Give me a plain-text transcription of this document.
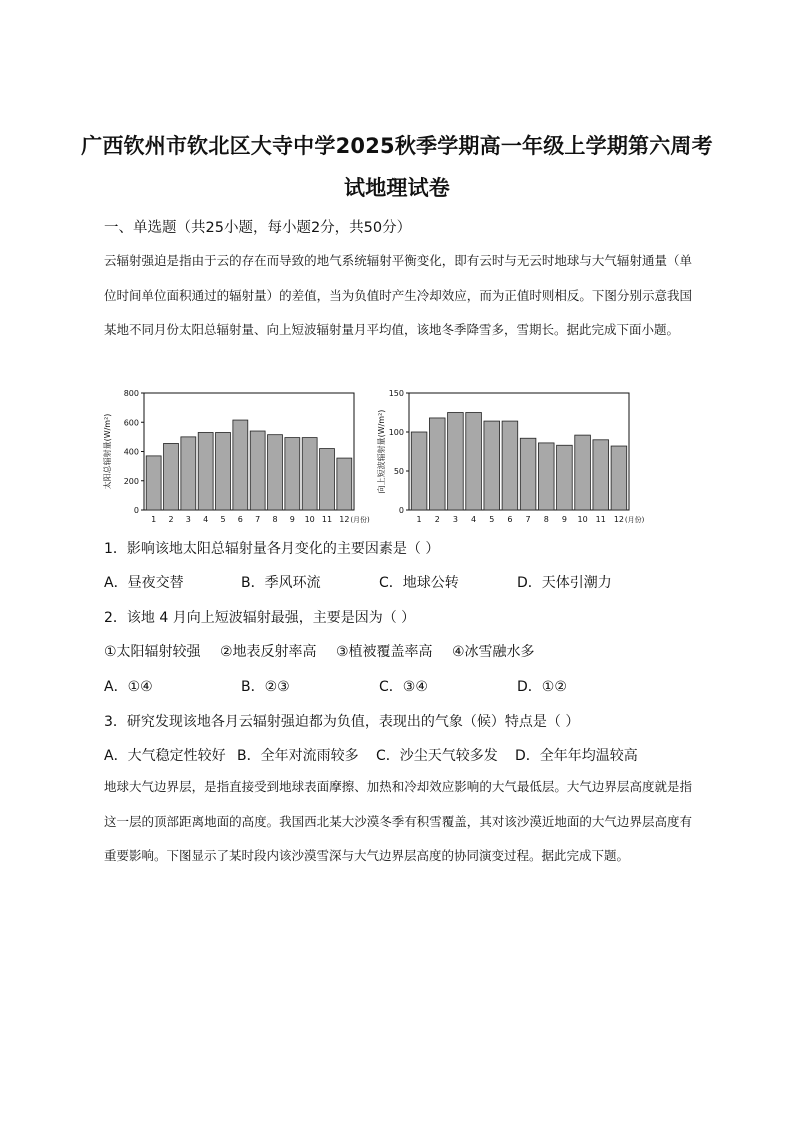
广西钦州市钦北区大寺中学2025秋季学期高一年级上学期第六周考
试地理试卷
一、单选题（共25小题，每小题2分，共50分）
云辐射强迫是指由于云的存在而导致的地气系统辐射平衡变化，即有云时与无云时地球与大气辐射通量（单位时间单位面积通过的辐射量）的差值，当为负值时产生冷却效应，而为正值时则相反。下图分别示意我国某地不同月份太阳总辐射量、向上短波辐射量月平均值，该地冬季降雪多，雪期长。据此完成下面小题。
0
200
400
600
800
太阳总辐射量(W/m²)
1 2 3 4 5 6 7 8 9 10 11 12 (月份)
0
50
100
150
向上短波辐射量(W/m²)
1 2 3 4 5 6 7 8 9 10 11 12 (月份)
1．影响该地太阳总辐射量各月变化的主要因素是（ ）
A．昼夜交替	B．季风环流	C．地球公转	D．天体引潮力
2．该地 4 月向上短波辐射最强，主要是因为（ ）
①太阳辐射较强 ②地表反射率高 ③植被覆盖率高 ④冰雪融水多
A．①④	B．②③	C．③④	D．①②
3．研究发现该地各月云辐射强迫都为负值，表现出的气象（候）特点是（ ）
A．大气稳定性较好 B．全年对流雨较多 C．沙尘天气较多发 D．全年年均温较高
地球大气边界层，是指直接受到地球表面摩擦、加热和冷却效应影响的大气最低层。大气边界层高度就是指这一层的顶部距离地面的高度。我国西北某大沙漠冬季有积雪覆盖，其对该沙漠近地面的大气边界层高度有重要影响。下图显示了某时段内该沙漠雪深与大气边界层高度的协同演变过程。据此完成下题。
